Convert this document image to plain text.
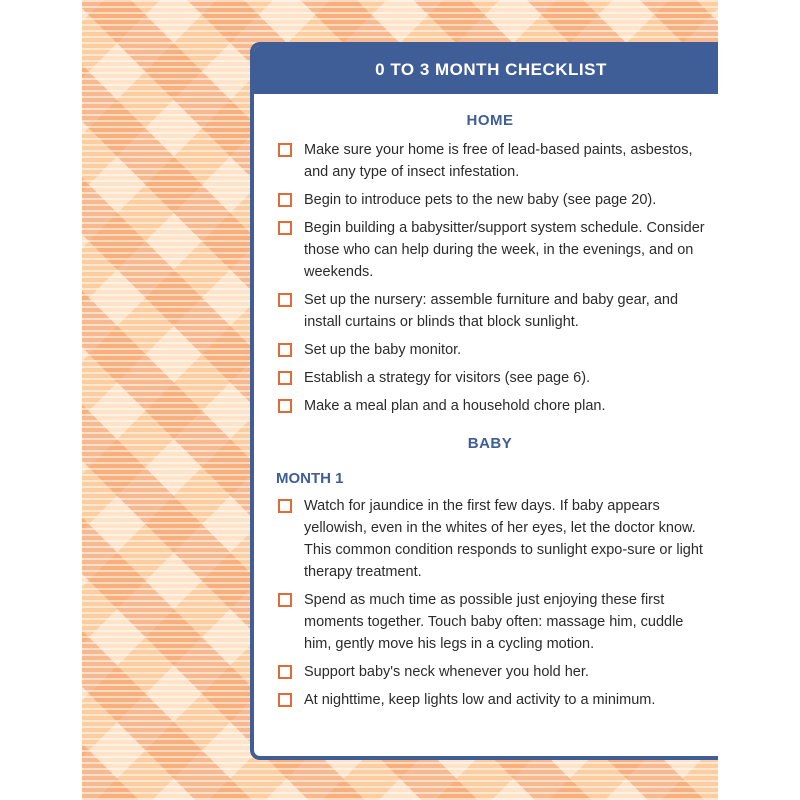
0 TO 3 MONTH CHECKLIST
HOME
Make sure your home is free of lead-based paints, asbestos, and any type of insect infestation.
Begin to introduce pets to the new baby (see page 20).
Begin building a babysitter/support system schedule. Consider those who can help during the week, in the evenings, and on weekends.
Set up the nursery: assemble furniture and baby gear, and install curtains or blinds that block sunlight.
Set up the baby monitor.
Establish a strategy for visitors (see page 6).
Make a meal plan and a household chore plan.
BABY
MONTH 1
Watch for jaundice in the first few days. If baby appears yellowish, even in the whites of her eyes, let the doctor know. This common condition responds to sunlight expo-sure or light therapy treatment.
Spend as much time as possible just enjoying these first moments together. Touch baby often: massage him, cuddle him, gently move his legs in a cycling motion.
Support baby's neck whenever you hold her.
At nighttime, keep lights low and activity to a minimum.
